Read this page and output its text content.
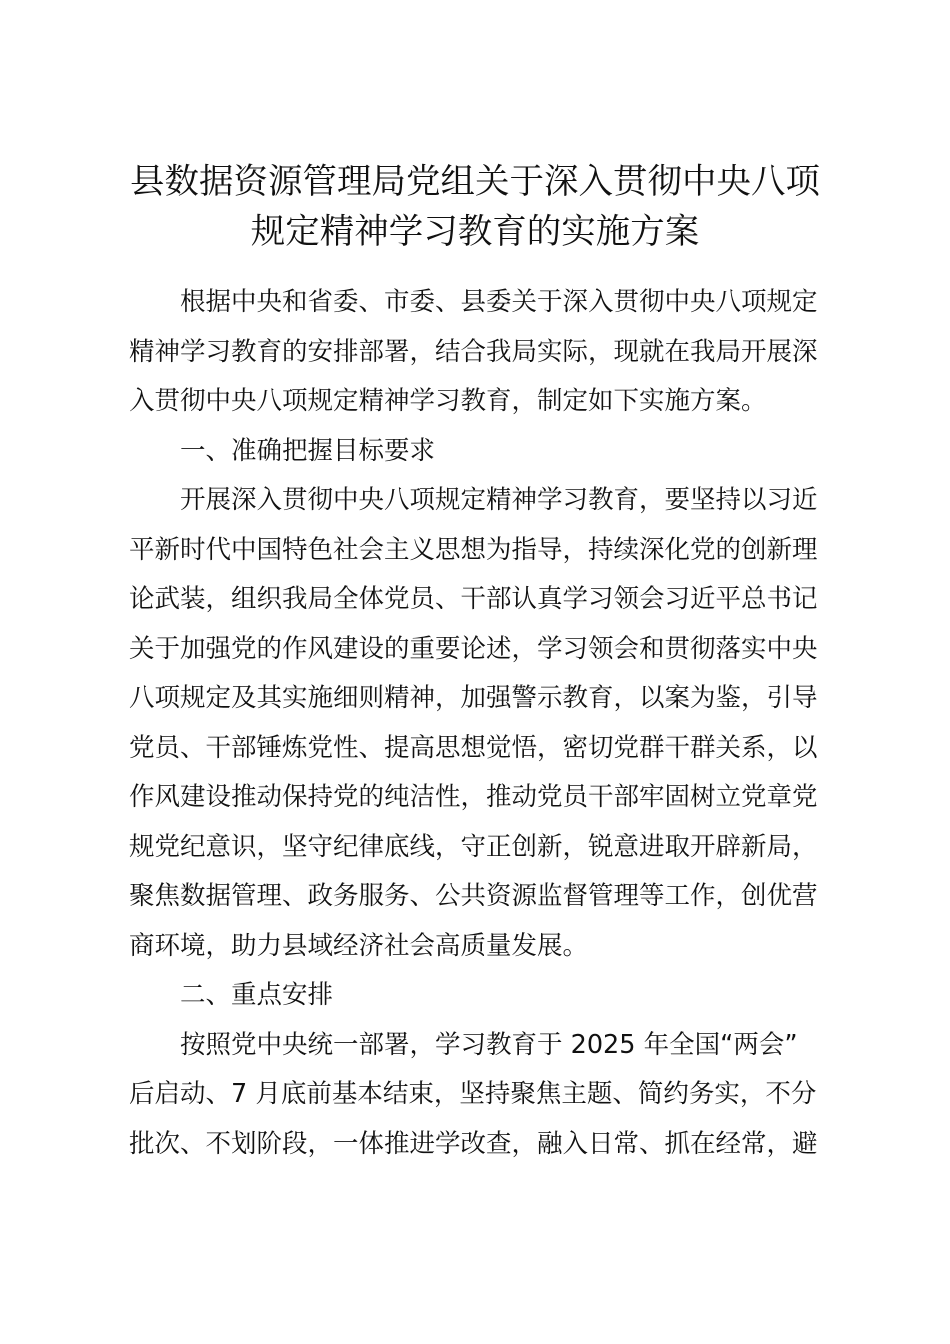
县数据资源管理局党组关于深入贯彻中央八项
规定精神学习教育的实施方案

根据中央和省委、市委、县委关于深入贯彻中央八项规定

精神学习教育的安排部署，结合我局实际，现就在我局开展深

入贯彻中央八项规定精神学习教育，制定如下实施方案。

一、准确把握目标要求

开展深入贯彻中央八项规定精神学习教育，要坚持以习近

平新时代中国特色社会主义思想为指导，持续深化党的创新理

论武装，组织我局全体党员、干部认真学习领会习近平总书记

关于加强党的作风建设的重要论述，学习领会和贯彻落实中央

八项规定及其实施细则精神，加强警示教育，以案为鉴，引导

党员、干部锤炼党性、提高思想觉悟，密切党群干群关系，以

作风建设推动保持党的纯洁性，推动党员干部牢固树立党章党

规党纪意识，坚守纪律底线，守正创新，锐意进取开辟新局，

聚焦数据管理、政务服务、公共资源监督管理等工作，创优营

商环境，助力县域经济社会高质量发展。

二、重点安排

按照党中央统一部署，学习教育于 2025 年全国“两会”

后启动、7 月底前基本结束，坚持聚焦主题、简约务实，不分

批次、不划阶段，一体推进学改查，融入日常、抓在经常，避
